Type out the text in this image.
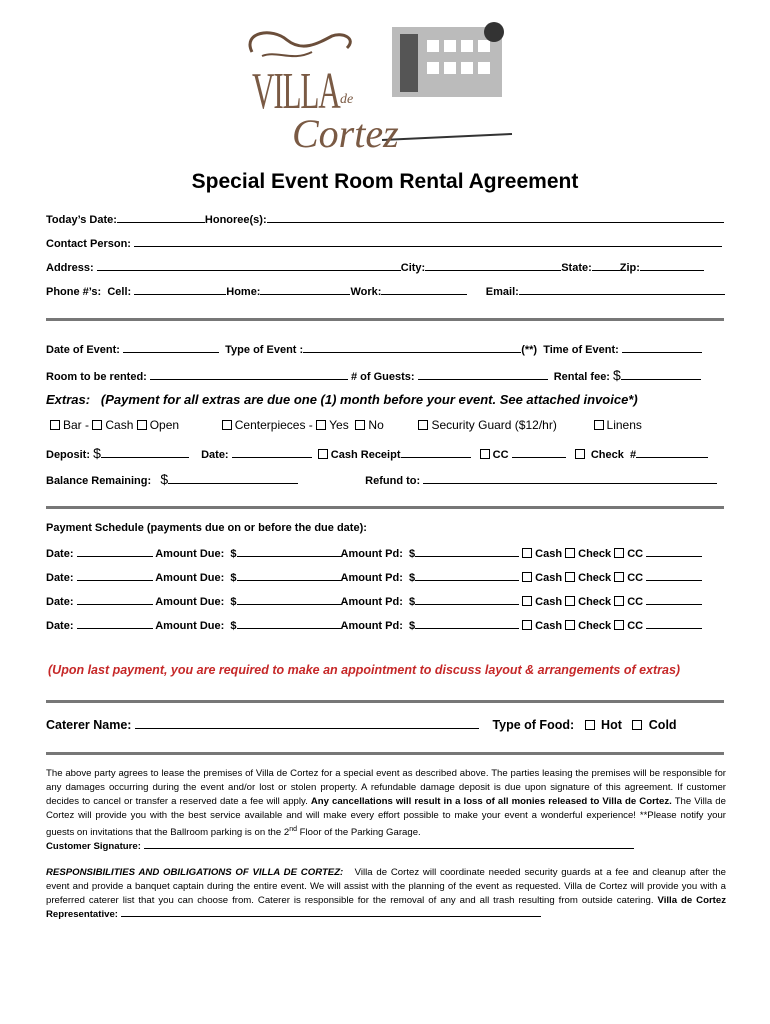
VILLA de
Cortez
Special Event Room Rental Agreement
Today’s Date:	Honoree(s):
Contact Person:
Address:	City:	State:	Zip:
Phone #’s: Cell:	Home:	Work:	Email:
Date of Event:	Type of Event :	(**) Time of Event:
Room to be rented:	# of Guests:	Rental fee: $
Extras: (Payment for all extras are due one (1) month before your event. See attached invoice*)
Bar - Cash Open	Centerpieces - Yes No	Security Guard ($12/hr)	Linens
Deposit: $	Date:	Cash Receipt	CC	Check #
Balance Remaining: $	Refund to:
Payment Schedule (payments due on or before the due date):
Date:	Amount Due: $	Amount Pd: $	Cash Check CC
Date:	Amount Due: $	Amount Pd: $	Cash Check CC
Date:	Amount Due: $	Amount Pd: $	Cash Check CC
Date:	Amount Due: $	Amount Pd: $	Cash Check CC
(Upon last payment, you are required to make an appointment to discuss layout & arrangements of extras)
Caterer Name:	Type of Food: Hot Cold
The above party agrees to lease the premises of Villa de Cortez for a special event as described above. The parties leasing the premises will be responsible for any damages occurring during the event and/or lost or stolen property. A refundable damage deposit is due upon signature of this agreement. If customer decides to cancel or transfer a reserved date a fee will apply. Any cancellations will result in a loss of all monies released to Villa de Cortez. The Villa de Cortez will provide you with the best service available and will make every effort possible to make your event a wonderful experience! **Please notify your guests on invitations that the Ballroom parking is on the 2nd Floor of the Parking Garage.
Customer Signature:
RESPONSIBILITIES AND OBILIGATIONS OF VILLA DE CORTEZ: Villa de Cortez will coordinate needed security guards at a fee and cleanup after the event and provide a banquet captain during the entire event. We will assist with the planning of the event as requested. Villa de Cortez will provide you with a preferred caterer list that you can choose from. Caterer is responsible for the removal of any and all trash resulting from outside catering. Villa de Cortez Representative:
